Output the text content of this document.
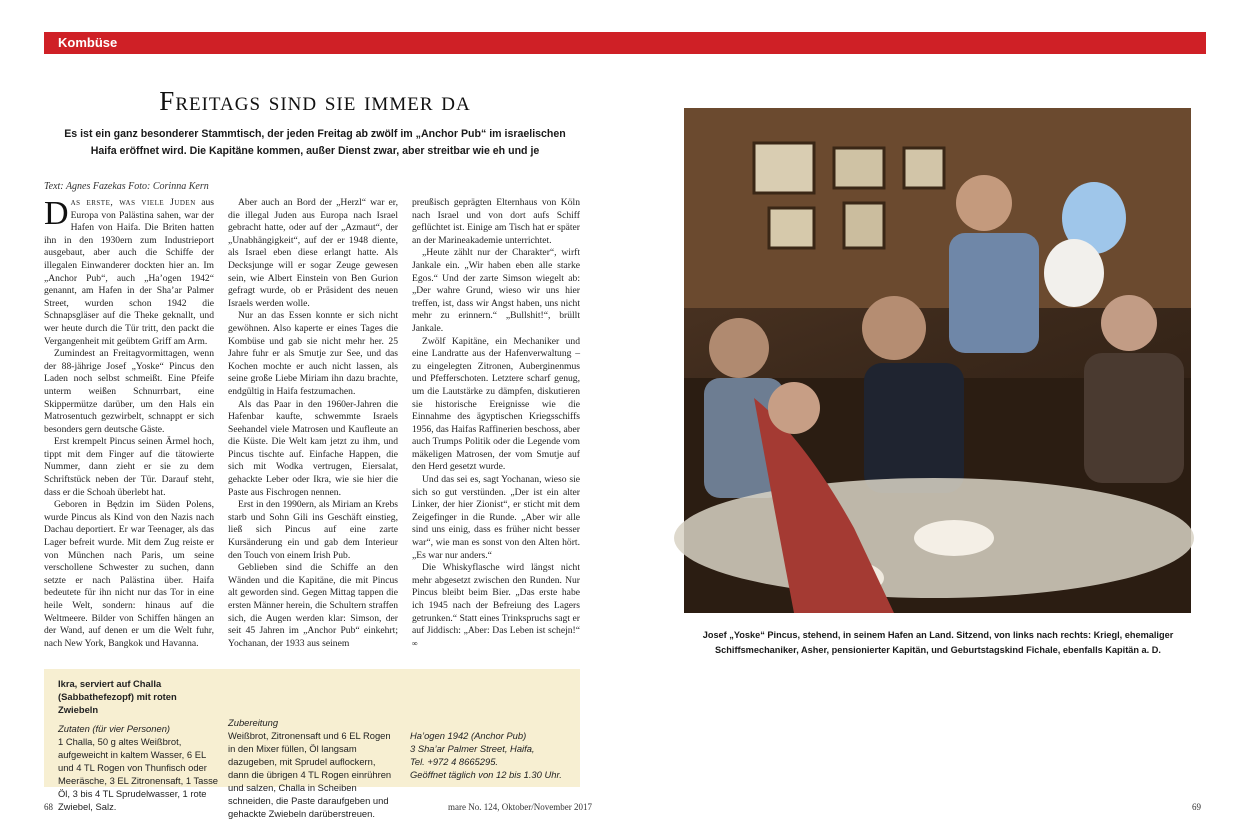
Kombüse
Freitags sind sie immer da
Es ist ein ganz besonderer Stammtisch, der jeden Freitag ab zwölf im „Anchor Pub“ im israelischen Haifa eröffnet wird. Die Kapitäne kommen, außer Dienst zwar, aber streitbar wie eh und je
Text: Agnes Fazekas Foto: Corinna Kern

Das erste, was viele Juden aus Europa von Palästina sahen, war der Hafen von Haifa. Die Briten hatten ihn in den 1930ern zum Industrieport ausgebaut, aber auch die Schiffe der illegalen Einwanderer dockten hier an. Im „Anchor Pub“, auch „Ha’ogen 1942“ genannt, am Hafen in der Sha’ar Palmer Street, wurden schon 1942 die Schnapsgläser auf die Theke geknallt, und wer heute durch die Tür tritt, den packt die Vergangenheit mit geübtem Griff am Arm.

Zumindest an Freitagvormittagen, wenn der 88-jährige Josef „Yoske“ Pincus den Laden noch selbst schmeißt. Eine Pfeife unterm weißen Schnurrbart, eine Skippermütze darüber, um den Hals ein Matrosentuch gezwirbelt, schnappt er sich besonders gern deutsche Gäste.

Erst krempelt Pincus seinen Ärmel hoch, tippt mit dem Finger auf die tätowierte Nummer, dann zieht er sie zu dem Schriftstück neben der Tür. Darauf steht, dass er die Schoah überlebt hat.

Geboren in Będzin im Süden Polens, wurde Pincus als Kind von den Nazis nach Dachau deportiert. Er war Teenager, als das Lager befreit wurde. Mit dem Zug reiste er von München nach Paris, um seine verschollene Schwester zu suchen, dann setzte er nach Palästina über. Haifa bedeutete für ihn nicht nur das Tor in eine heile Welt, sondern: hinaus auf die Weltmeere. Bilder von Schiffen hängen an der Wand, auf denen er um die Welt fuhr, nach New York, Bangkok und Havanna.

Aber auch an Bord der „Herzl“ war er, die illegal Juden aus Europa nach Israel gebracht hatte, oder auf der „Azmaut“, der „Unabhängigkeit“, auf der er 1948 diente, als Israel eben diese erlangt hatte. Als Decksjunge will er sogar Zeuge gewesen sein, wie Albert Einstein von Ben Gurion gefragt wurde, ob er Präsident des neuen Israels werden wolle.

Nur an das Essen konnte er sich nicht gewöhnen. Also kaperte er eines Tages die Kombüse und gab sie nicht mehr her. 25 Jahre fuhr er als Smutje zur See, und das Kochen mochte er auch nicht lassen, als seine große Liebe Miriam ihn dazu brachte, endgültig in Haifa festzumachen.

Als das Paar in den 1960er-Jahren die Hafenbar kaufte, schwemmte Israels Seehandel viele Matrosen und Kaufleute an die Küste. Die Welt kam jetzt zu ihm, und Pincus tischte auf. Einfache Happen, die sich mit Wodka vertrugen, Eiersalat, gehackte Leber oder Ikra, wie sie hier die Paste aus Fischrogen nennen.

Erst in den 1990ern, als Miriam an Krebs starb und Sohn Gili ins Geschäft einstieg, ließ sich Pincus auf eine zarte Kursänderung ein und gab dem Interieur den Touch von einem Irish Pub.

Geblieben sind die Schiffe an den Wänden und die Kapitäne, die mit Pincus alt geworden sind. Gegen Mittag tappen die ersten Männer herein, die Schultern straffen sich, die Augen werden klar: Simson, der seit 45 Jahren im „Anchor Pub“ einkehrt; Yochanan, der 1933 aus seinem

preußisch geprägten Elternhaus von Köln nach Israel und von dort aufs Schiff geflüchtet ist. Einige am Tisch hat er später an der Marineakademie unterrichtet.

„Heute zählt nur der Charakter“, wirft Jankale ein. „Wir haben eben alle starke Egos.“ Und der zarte Simson wiegelt ab: „Der wahre Grund, wieso wir uns hier treffen, ist, dass wir Angst haben, uns nicht mehr zu erinnern.“ „Bullshit!“, brüllt Jankale.

Zwölf Kapitäne, ein Mechaniker und eine Landratte aus der Hafenverwaltung – zu eingelegten Zitronen, Auberginenmus und Pfefferschoten. Letztere scharf genug, um die Lautstärke zu dämpfen, diskutieren sie historische Ereignisse wie die Einnahme des ägyptischen Kriegsschiffs 1956, das Haifas Raffinerien beschoss, aber auch Trumps Politik oder die Legende vom mäkeligen Matrosen, der vom Smutje auf den Herd gesetzt wurde.

Und das sei es, sagt Yochanan, wieso sie sich so gut verstünden. „Der ist ein alter Linker, der hier Zionist“, er sticht mit dem Zeigefinger in die Runde. „Aber wir alle sind uns einig, dass es früher nicht besser war“, wie man es sonst von den Alten hört. „Es war nur anders.“

Die Whiskyflasche wird längst nicht mehr abgesetzt zwischen den Runden. Nur Pincus bleibt beim Bier. „Das erste habe ich 1945 nach der Befreiung des Lagers getrunken.“ Statt eines Trinkspruchs sagt er auf Jiddisch: „Aber: Das Leben ist schejn!“ ∞

Ikra, serviert auf Challa (Sabbathefezopf) mit roten Zwiebeln

Zutaten (für vier Personen)

1 Challa, 50 g altes Weißbrot, aufgeweicht in kaltem Wasser, 6 EL und 4 TL Rogen von Thunfisch oder Meeräsche, 3 EL Zitronensaft, 1 Tasse Öl, 3 bis 4 TL Sprudelwasser, 1 rote Zwiebel, Salz.

Zubereitung

Weißbrot, Zitronensaft und 6 EL Rogen in den Mixer füllen, Öl langsam dazugeben, mit Sprudel auflockern, dann die übrigen 4 TL Rogen einrühren und salzen, Challa in Scheiben schneiden, die Paste daraufgeben und gehackte Zwiebeln darüberstreuen.

Ha’ogen 1942 (Anchor Pub)

3 Sha’ar Palmer Street, Haifa,

Tel. +972 4 8665295.

Geöffnet täglich von 12 bis 1.30 Uhr.

Josef „Yoske“ Pincus, stehend, in seinem Hafen an Land. Sitzend, von links nach rechts: Kriegl, ehemaliger Schiffsmechaniker, Asher, pensionierter Kapitän, und Geburtstagskind Fichale, ebenfalls Kapitän a. D.
68	mare No. 124, Oktober/November 2017	69
